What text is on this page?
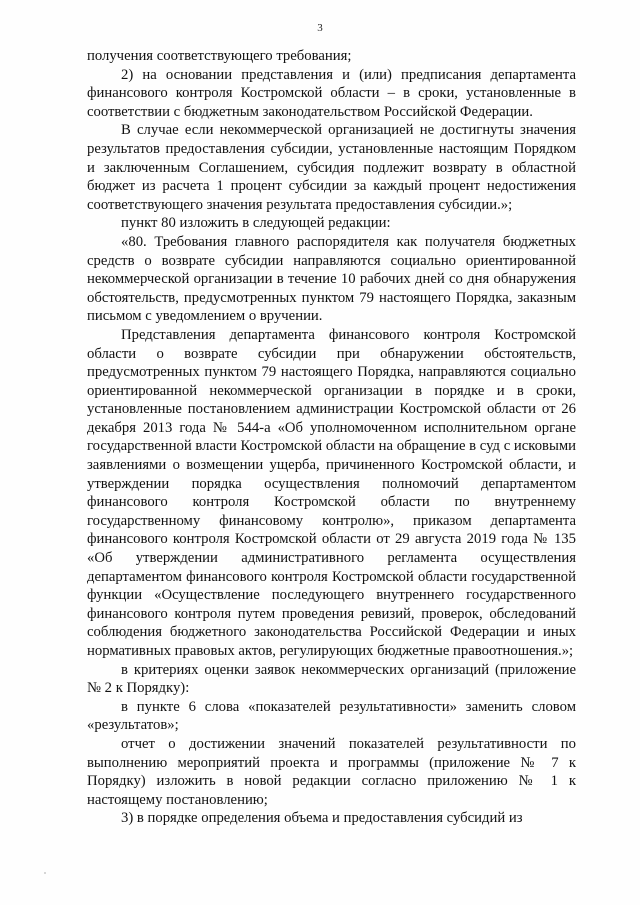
3

получения соответствующего требования;

2) на основании представления и (или) предписания департамента финансового контроля Костромской области – в сроки, установленные в соответствии с бюджетным законодательством Российской Федерации.

В случае если некоммерческой организацией не достигнуты значения результатов предоставления субсидии, установленные настоящим Порядком и заключенным Соглашением, субсидия подлежит возврату в областной бюджет из расчета 1 процент субсидии за каждый процент недостижения соответствующего значения результата предоставления субсидии.»;

пункт 80 изложить в следующей редакции:

«80. Требования главного распорядителя как получателя бюджетных средств о возврате субсидии направляются социально ориентированной некоммерческой организации в течение 10 рабочих дней со дня обнаружения обстоятельств, предусмотренных пунктом 79 настоящего Порядка, заказным письмом с уведомлением о вручении.

Представления департамента финансового контроля Костромской области о возврате субсидии при обнаружении обстоятельств, предусмотренных пунктом 79 настоящего Порядка, направляются социально ориентированной некоммерческой организации в порядке и в сроки, установленные постановлением администрации Костромской области от 26 декабря 2013 года № 544-а «Об уполномоченном исполнительном органе государственной власти Костромской области на обращение в суд с исковыми заявлениями о возмещении ущерба, причиненного Костромской области, и утверждении порядка осуществления полномочий департаментом финансового контроля Костромской области по внутреннему государственному финансовому контролю», приказом департамента финансового контроля Костромской области от 29 августа 2019 года № 135 «Об утверждении административного регламента осуществления департаментом финансового контроля Костромской области государственной функции «Осуществление последующего внутреннего государственного финансового контроля путем проведения ревизий, проверок, обследований соблюдения бюджетного законодательства Российской Федерации и иных нормативных правовых актов, регулирующих бюджетные правоотношения.»;

в критериях оценки заявок некоммерческих организаций (приложение № 2 к Порядку):

в пункте 6 слова «показателей результативности» заменить словом «результатов»;

отчет о достижении значений показателей результативности по выполнению мероприятий проекта и программы (приложение № 7 к Порядку) изложить в новой редакции согласно приложению № 1 к настоящему постановлению;

3) в порядке определения объема и предоставления субсидий из
